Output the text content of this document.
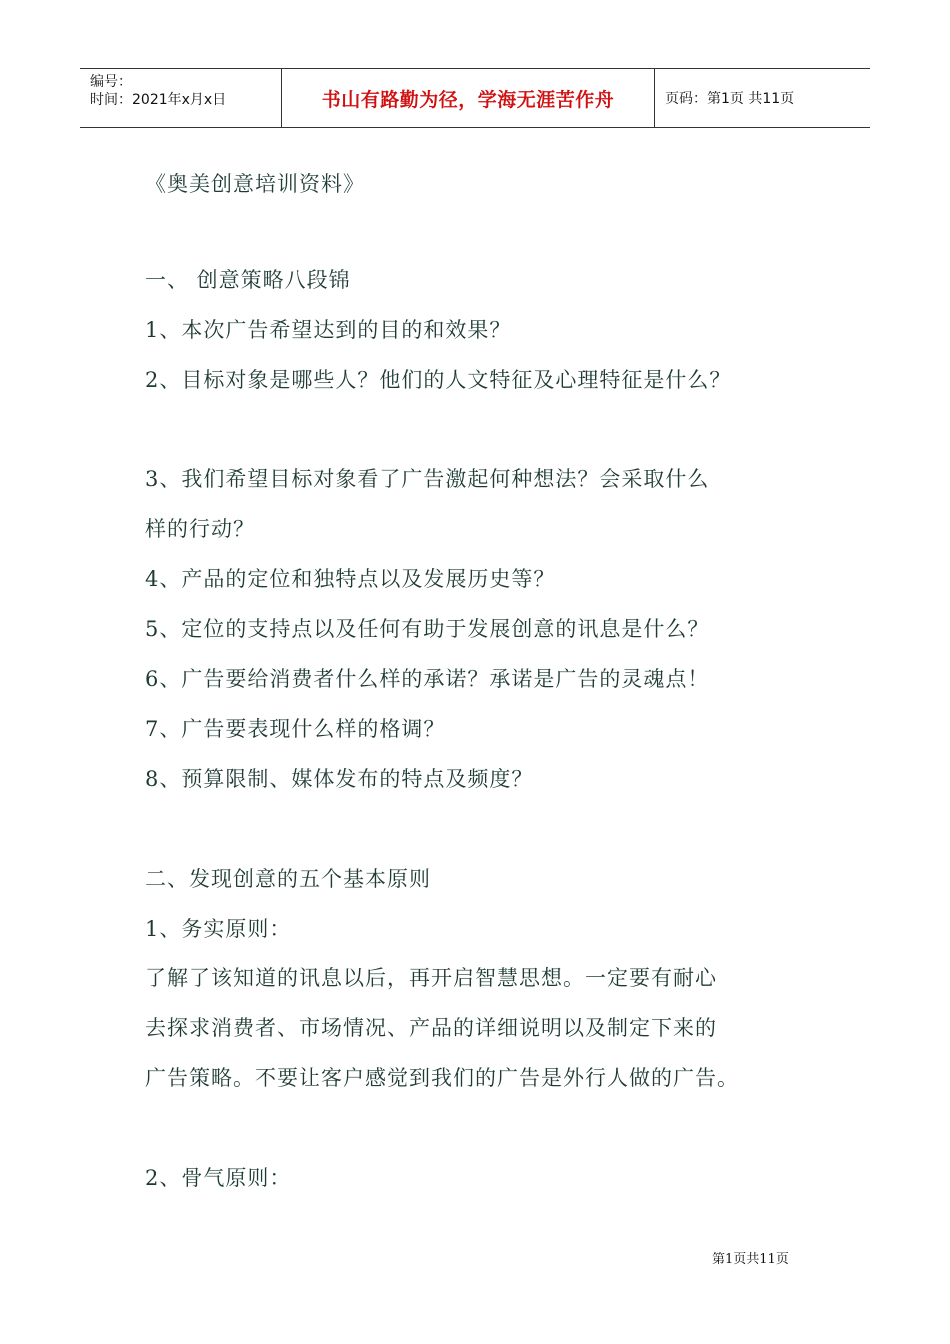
编号：
时间：2021年x月x日	书山有路勤为径，学海无涯苦作舟	页码：第1页 共11页
《奥美创意培训资料》
一、 创意策略八段锦
1、本次广告希望达到的目的和效果？
2、目标对象是哪些人？他们的人文特征及心理特征是什么？
3、我们希望目标对象看了广告激起何种想法？会采取什么
样的行动？
4、产品的定位和独特点以及发展历史等？
5、定位的支持点以及任何有助于发展创意的讯息是什么？
6、广告要给消费者什么样的承诺？承诺是广告的灵魂点！
7、广告要表现什么样的格调？
8、预算限制、媒体发布的特点及频度？
二、发现创意的五个基本原则
1、务实原则：
了解了该知道的讯息以后，再开启智慧思想。一定要有耐心
去探求消费者、市场情况、产品的详细说明以及制定下来的
广告策略。不要让客户感觉到我们的广告是外行人做的广告。
2、骨气原则：
第1页共11页
